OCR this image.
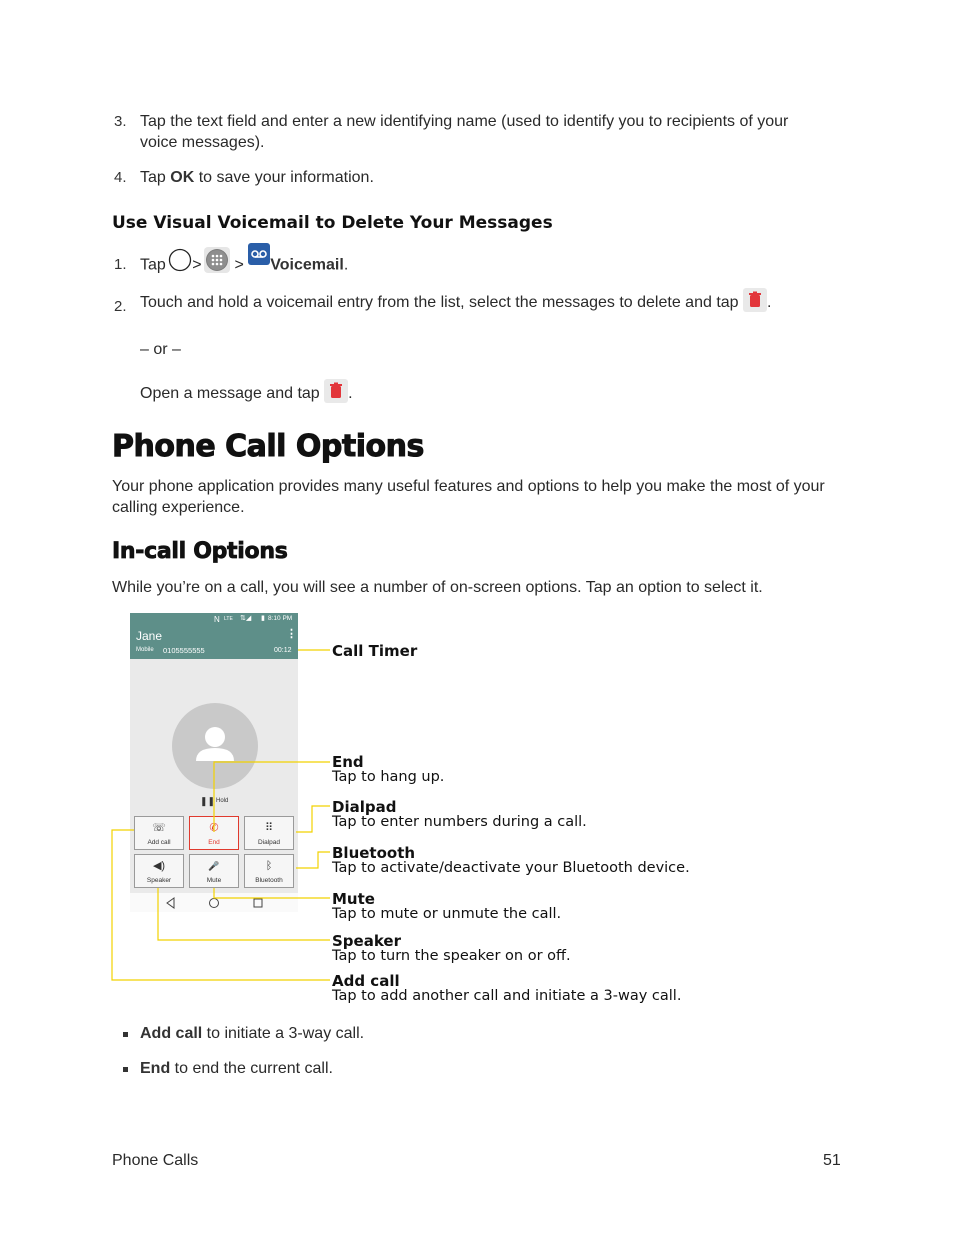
3. Tap the text field and enter a new identifying name (used to identify you to recipients of your voice messages).
4. Tap OK to save your information.
Use Visual Voicemail to Delete Your Messages
1. Tap > > Voicemail.
2. Touch and hold a voicemail entry from the list, select the messages to delete and tap .
– or –
Open a message and tap .
Phone Call Options
Your phone application provides many useful features and options to help you make the most of your calling experience.
In-call Options
While you’re on a call, you will see a number of on-screen options. Tap an option to select it.
N LTE ⇅◢ ▮ 8:10 PM
Jane	⋮
Mobile 0105555555	00:12
❚❚ Hold
☏
Add call
✆
End
⠿
Dialpad
◀)
Speaker
🎤
Mute
ᛒ
Bluetooth
Call Timer
End
Tap to hang up.
Dialpad
Tap to enter numbers during a call.
Bluetooth
Tap to activate/deactivate your Bluetooth device.
Mute
Tap to mute or unmute the call.
Speaker
Tap to turn the speaker on or off.
Add call
Tap to add another call and initiate a 3-way call.
Add call to initiate a 3-way call.
End to end the current call.
Phone Calls	51
